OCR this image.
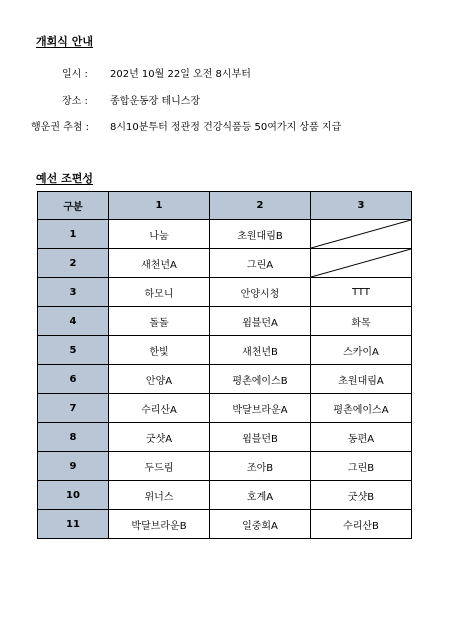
개회식 안내
일시 : 202년 10월 22일 오전 8시부터
장소 : 종합운동장 테니스장
행운권 추첨 : 8시10분투터 정관정 건강식품등 50여가지 상품 지급
예선 조편성
구분	1	2	3
1	나눔	초원대림B	

2	새천년A	그린A	

3	하모니	안양시청	TTT
4	돌돌	윔블던A	화목
5	한빛	새천년B	스카이A
6	안양A	평촌에이스B	초원대림A
7	수리산A	박달브라운A	평촌에이스A
8	굿샷A	윔블던B	동편A
9	두드림	조아B	그린B
10	위너스	호계A	굿샷B
11	박달브라운B	일중회A	수리산B
